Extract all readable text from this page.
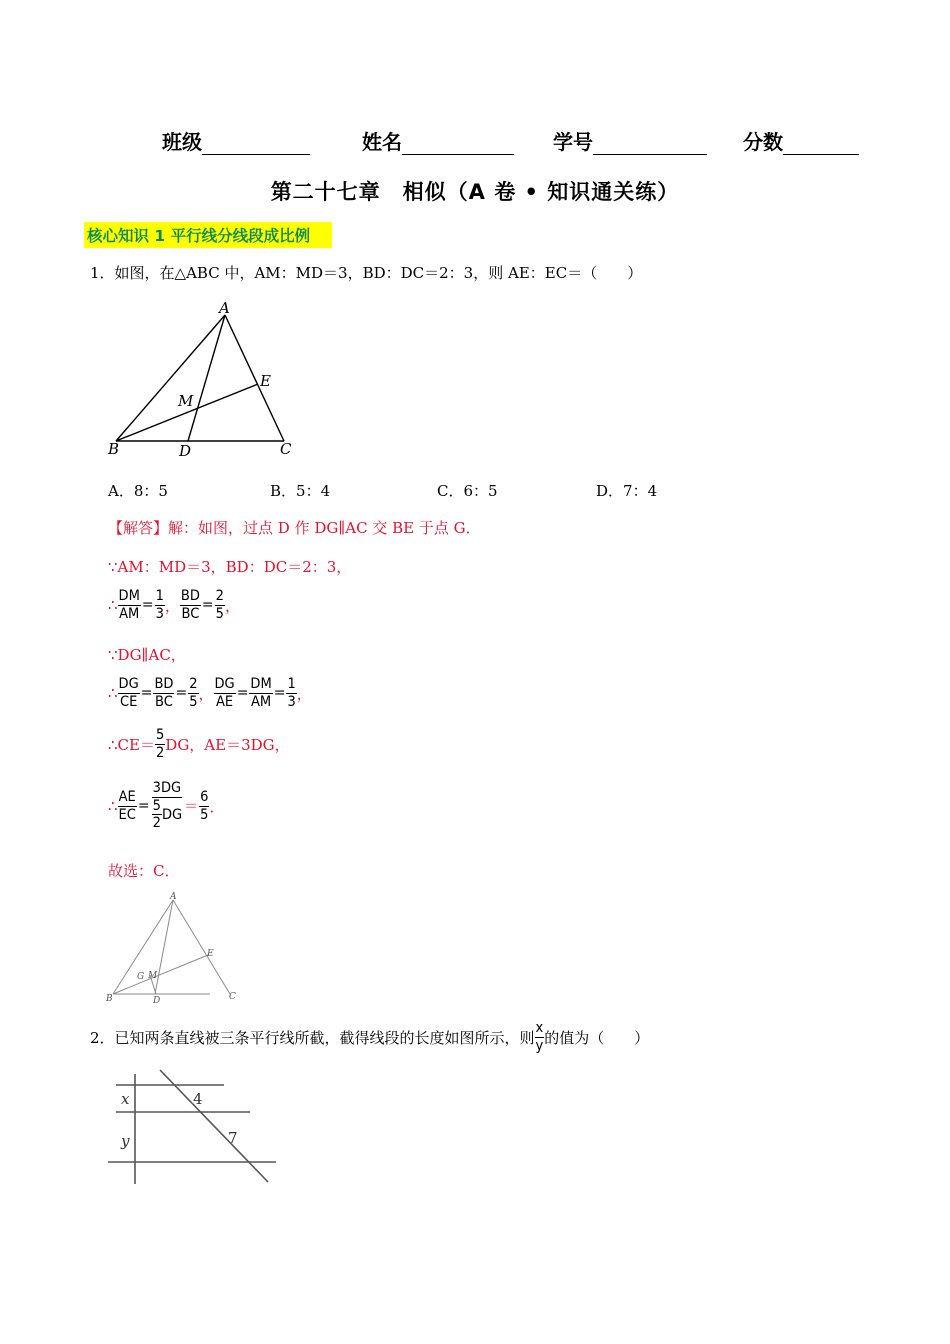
班级	姓名	学号	分数
第二十七章　相似（A 卷 • 知识通关练）
核心知识 1 平行线分线段成比例
1．如图，在△ABC 中，AM：MD＝3，BD：DC＝2：3，则 AE：EC＝（　　）
A
B	C
D
E
M
A．8：5	B．5：4	C．6：5	D．7：4
【解答】解：如图，过点 D 作 DG∥AC 交 BE 于点 G．
∵AM：MD＝3，BD：DC＝2：3，
∴ $\frac{DM}{AM} = \frac{1}{3}$ ， $\frac{BD}{BC} = \frac{2}{5}$ ，
∵DG∥AC，
∴ $\frac{DG}{CE} = \frac{BD}{BC} = \frac{2}{5}$ ， $\frac{DG}{AE} = \frac{DM}{AM} = \frac{1}{3}$ ，
∴CE＝ $\frac{5}{2}$ DG，AE＝3DG，
∴ $\frac{AE}{EC} = \frac{3DG}{\frac{5}{2} DG} = \frac{6}{5}$ ．
故选：C．
A
B	C
D
E
M
G
2．已知两条直线被三条平行线所截，截得线段的长度如图所示，则 $\frac{x}{y}$ 的值为（　　）
x
y
4
7
